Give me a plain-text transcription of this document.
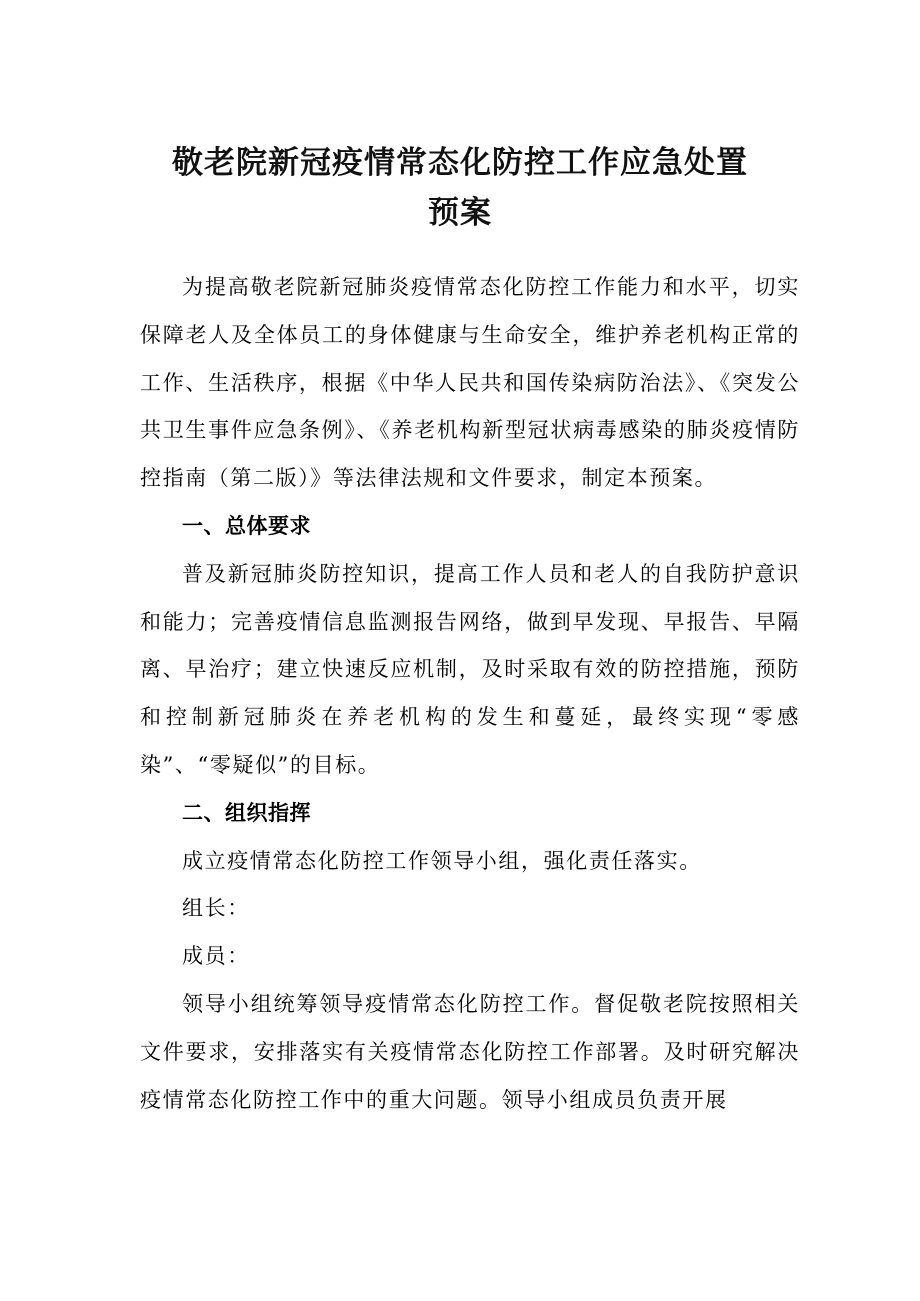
敬老院新冠疫情常态化防控工作应急处置
预案

为提高敬老院新冠肺炎疫情常态化防控工作能力和水平，切实保障老人及全体员工的身体健康与生命安全，维护养老机构正常的工作、生活秩序，根据《中华人民共和国传染病防治法》、《突发公共卫生事件应急条例》、《养老机构新型冠状病毒感染的肺炎疫情防控指南（第二版）》等法律法规和文件要求，制定本预案。

一、总体要求

普及新冠肺炎防控知识，提高工作人员和老人的自我防护意识和能力；完善疫情信息监测报告网络，做到早发现、早报告、早隔离、早治疗；建立快速反应机制，及时采取有效的防控措施，预防和控制新冠肺炎在养老机构的发生和蔓延，最终实现“零感染”、“零疑似”的目标。

二、组织指挥

成立疫情常态化防控工作领导小组，强化责任落实。

组长：

成员：

领导小组统筹领导疫情常态化防控工作。督促敬老院按照相关文件要求，安排落实有关疫情常态化防控工作部署。及时研究解决疫情常态化防控工作中的重大问题。领导小组成员负责开展
